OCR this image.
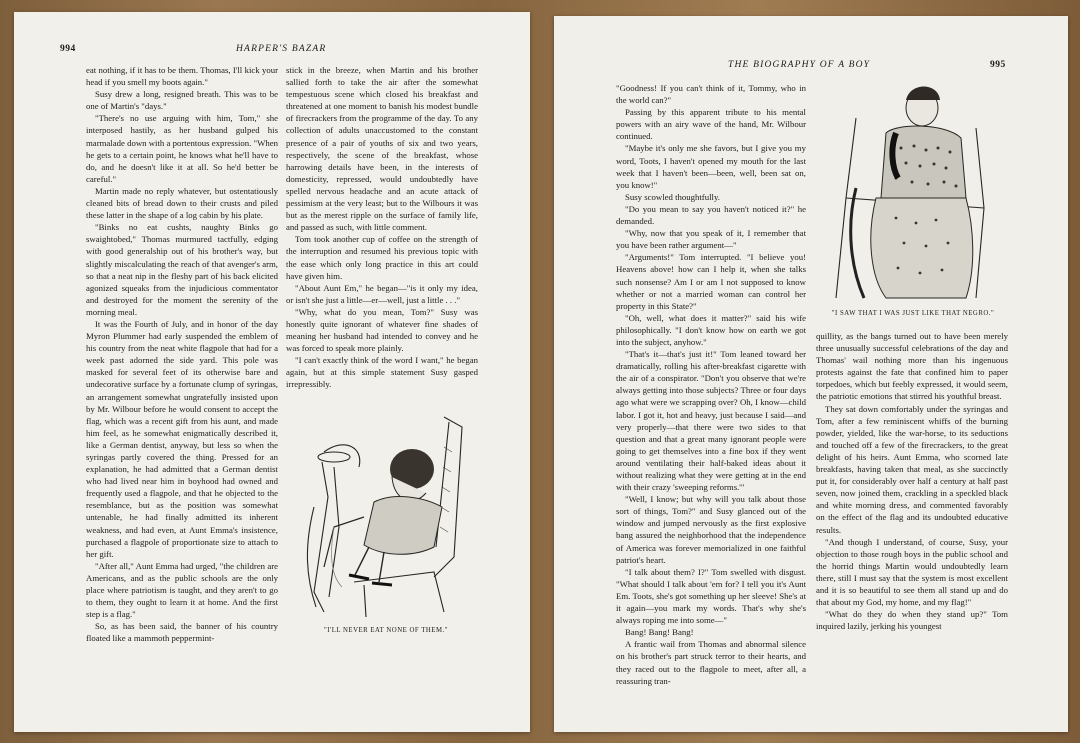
994	HARPER'S BAZAR

eat nothing, if it has to be them. Thomas, I'll kick your head if you smell my boots again."

Susy drew a long, resigned breath. This was to be one of Martin's "days."

"There's no use arguing with him, Tom," she interposed hastily, as her husband gulped his marmalade down with a portentous expression. "When he gets to a certain point, he knows what he'll have to do, and he doesn't like it at all. So he'd better be careful."

Martin made no reply whatever, but ostentatiously cleaned bits of bread down to their crusts and piled these latter in the shape of a log cabin by his plate.

"Binks no eat cushts, naughty Binks go swaightobed," Thomas murmured tactfully, edging with good generalship out of his brother's way, but slightly miscalculating the reach of that avenger's arm, so that a neat nip in the fleshy part of his back elicited agonized squeaks from the injudicious commentator and destroyed for the moment the serenity of the morning meal.

It was the Fourth of July, and in honor of the day Myron Plummer had early suspended the emblem of his country from the neat white flagpole that had for a week past adorned the side yard. This pole was masked for several feet of its otherwise bare and undecorative surface by a fortunate clump of syringas, an arrangement somewhat ungratefully insisted upon by Mr. Wilbour before he would consent to accept the flag, which was a recent gift from his aunt, and made him feel, as he somewhat enigmatically described it, like a German dentist, anyway, but less so when the syringas partly covered the thing. Pressed for an explanation, he had admitted that a German dentist who had lived near him in boyhood had owned and frequently used a flagpole, and that he objected to the resemblance, but as the position was somewhat untenable, he had finally admitted its inherent weakness, and had even, at Aunt Emma's insistence, purchased a flagpole of proportionate size to attach to her gift.

"After all," Aunt Emma had urged, "the children are Americans, and as the public schools are the only place where patriotism is taught, and they aren't to go to them, they ought to learn it at home. And the first step is a flag."

So, as has been said, the banner of his country floated like a mammoth peppermint-

stick in the breeze, when Martin and his brother sallied forth to take the air after the somewhat tempestuous scene which closed his breakfast and threatened at one moment to banish his modest bundle of firecrackers from the programme of the day. To any collection of adults unaccustomed to the constant presence of a pair of youths of six and two years, respectively, the scene of the breakfast, whose harrowing details have been, in the interests of domesticity, repressed, would undoubtedly have spelled nervous headache and an acute attack of pessimism at the very least; but to the Wilbours it was but as the merest ripple on the surface of family life, and passed as such, with little comment.

Tom took another cup of coffee on the strength of the interruption and resumed his previous topic with the ease which only long practice in this art could have given him.

"About Aunt Em," he began—"is it only my idea, or isn't she just a little—er—well, just a little . . ."

"Why, what do you mean, Tom?" Susy was honestly quite ignorant of whatever fine shades of meaning her husband had intended to convey and he was forced to speak more plainly.

"I can't exactly think of the word I want," he began again, but at this simple statement Susy gasped irrepressibly.

"I'LL NEVER EAT NONE OF THEM."
THE BIOGRAPHY OF A BOY	995

"Goodness! If you can't think of it, Tommy, who in the world can?"

Passing by this apparent tribute to his mental powers with an airy wave of the hand, Mr. Wilbour continued.

"Maybe it's only me she favors, but I give you my word, Toots, I haven't opened my mouth for the last week that I haven't been—been, well, been sat on, you know!"

Susy scowled thoughtfully.

"Do you mean to say you haven't noticed it?" he demanded.

"Why, now that you speak of it, I remember that you have been rather argument—"

"Arguments!" Tom interrupted. "I believe you! Heavens above! how can I help it, when she talks such nonsense? Am I or am I not supposed to know whether or not a married woman can control her property in this State?"

"Oh, well, what does it matter?" said his wife philosophically. "I don't know how on earth we got into the subject, anyhow."

"That's it—that's just it!" Tom leaned toward her dramatically, rolling his after-breakfast cigarette with the air of a conspirator. "Don't you observe that we're always getting into those subjects? Three or four days ago what were we scrapping over? Oh, I know—child labor. I got it, hot and heavy, just because I said—and very properly—that there were two sides to that question and that a great many ignorant people were going to get themselves into a fine box if they went around ventilating their half-baked ideas about it without realizing what they were getting at in the end with their crazy 'sweeping reforms.'"

"Well, I know; but why will you talk about those sort of things, Tom?" and Susy glanced out of the window and jumped nervously as the first explosive bang assured the neighborhood that the independence of America was forever memorialized in one faithful patriot's heart.

"I talk about them? I?" Tom swelled with disgust. "What should I talk about 'em for? I tell you it's Aunt Em. Toots, she's got something up her sleeve! She's at it again—you mark my words. That's why she's always roping me into some—"

Bang! Bang! Bang!

A frantic wail from Thomas and abnormal silence on his brother's part struck terror to their hearts, and they raced out to the flagpole to meet, after all, a reassuring tran-

"I SAW THAT I WAS JUST LIKE THAT NEGRO."

quillity, as the bangs turned out to have been merely three unusually successful celebrations of the day and Thomas' wail nothing more than his ingenuous protests against the fate that confined him to paper torpedoes, which but feebly expressed, it would seem, the patriotic emotions that stirred his youthful breast.

They sat down comfortably under the syringas and Tom, after a few reminiscent whiffs of the burning powder, yielded, like the war-horse, to its seductions and touched off a few of the firecrackers, to the great delight of his heirs. Aunt Emma, who scorned late breakfasts, having taken that meal, as she succinctly put it, for considerably over half a century at half past seven, now joined them, crackling in a speckled black and white morning dress, and commented favorably on the effect of the flag and its undoubted educative results.

"And though I understand, of course, Susy, your objection to those rough boys in the public school and the horrid things Martin would undoubtedly learn there, still I must say that the system is most excellent and it is so beautiful to see them all stand up and do that about my God, my home, and my flag!"

"What do they do when they stand up?" Tom inquired lazily, jerking his youngest
